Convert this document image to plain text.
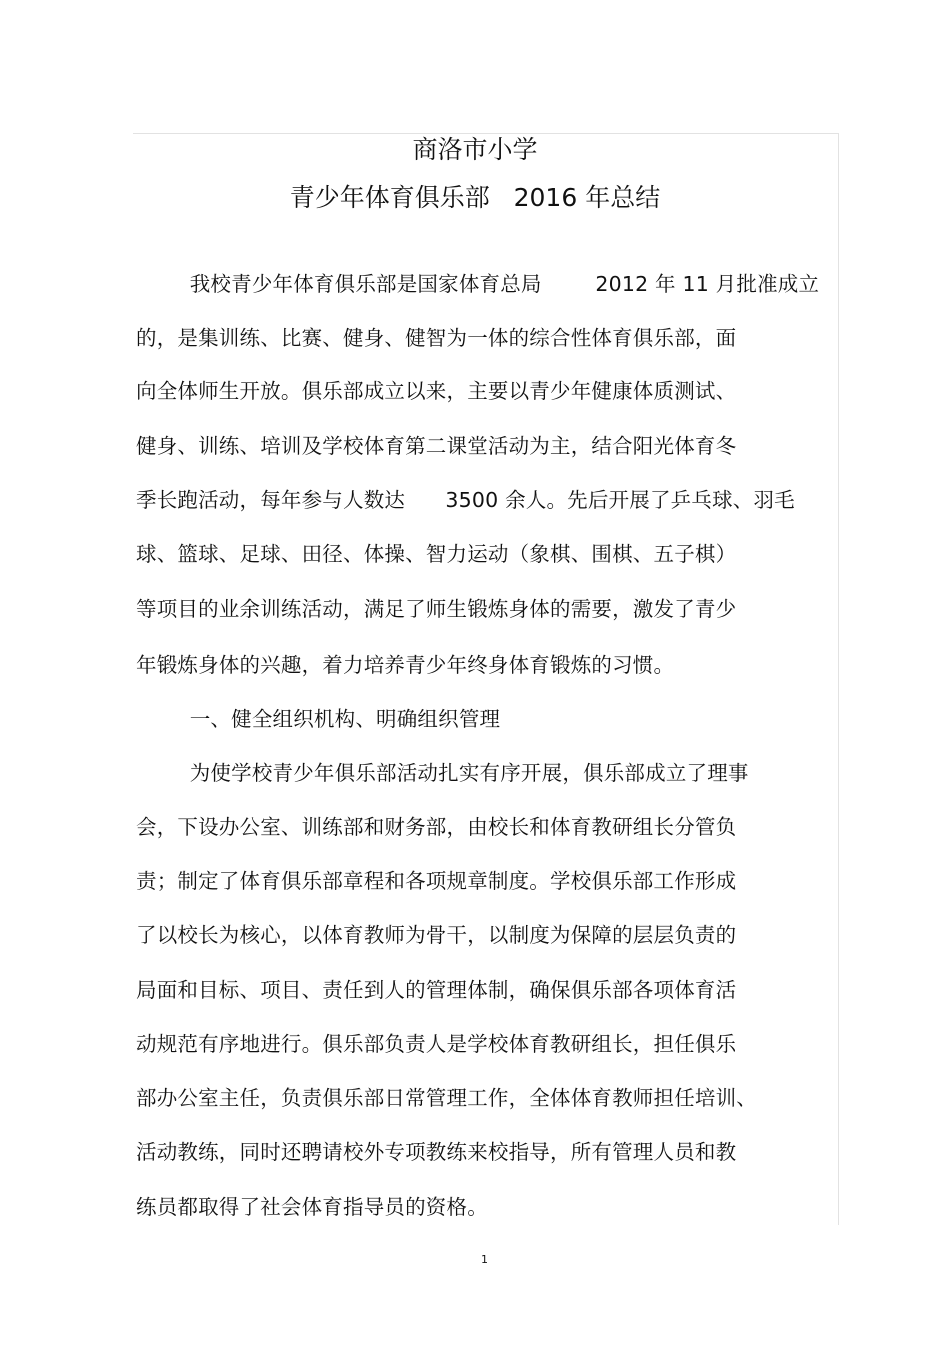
商洛市小学
青少年体育俱乐部   2016 年总结
我校青少年体育俱乐部是国家体育总局        2012 年 11 月批准成立
的，是集训练、比赛、健身、健智为一体的综合性体育俱乐部，面
向全体师生开放。俱乐部成立以来，主要以青少年健康体质测试、
健身、训练、培训及学校体育第二课堂活动为主，结合阳光体育冬
季长跑活动，每年参与人数达      3500 余人。先后开展了乒乓球、羽毛
球、篮球、足球、田径、体操、智力运动（象棋、围棋、五子棋）
等项目的业余训练活动，满足了师生锻炼身体的需要，激发了青少
年锻炼身体的兴趣，着力培养青少年终身体育锻炼的习惯。
一、健全组织机构、明确组织管理
为使学校青少年俱乐部活动扎实有序开展，俱乐部成立了理事
会，下设办公室、训练部和财务部，由校长和体育教研组长分管负
责；制定了体育俱乐部章程和各项规章制度。学校俱乐部工作形成
了以校长为核心，以体育教师为骨干，以制度为保障的层层负责的
局面和目标、项目、责任到人的管理体制，确保俱乐部各项体育活
动规范有序地进行。俱乐部负责人是学校体育教研组长，担任俱乐
部办公室主任，负责俱乐部日常管理工作，全体体育教师担任培训、
活动教练，同时还聘请校外专项教练来校指导，所有管理人员和教
练员都取得了社会体育指导员的资格。
1
